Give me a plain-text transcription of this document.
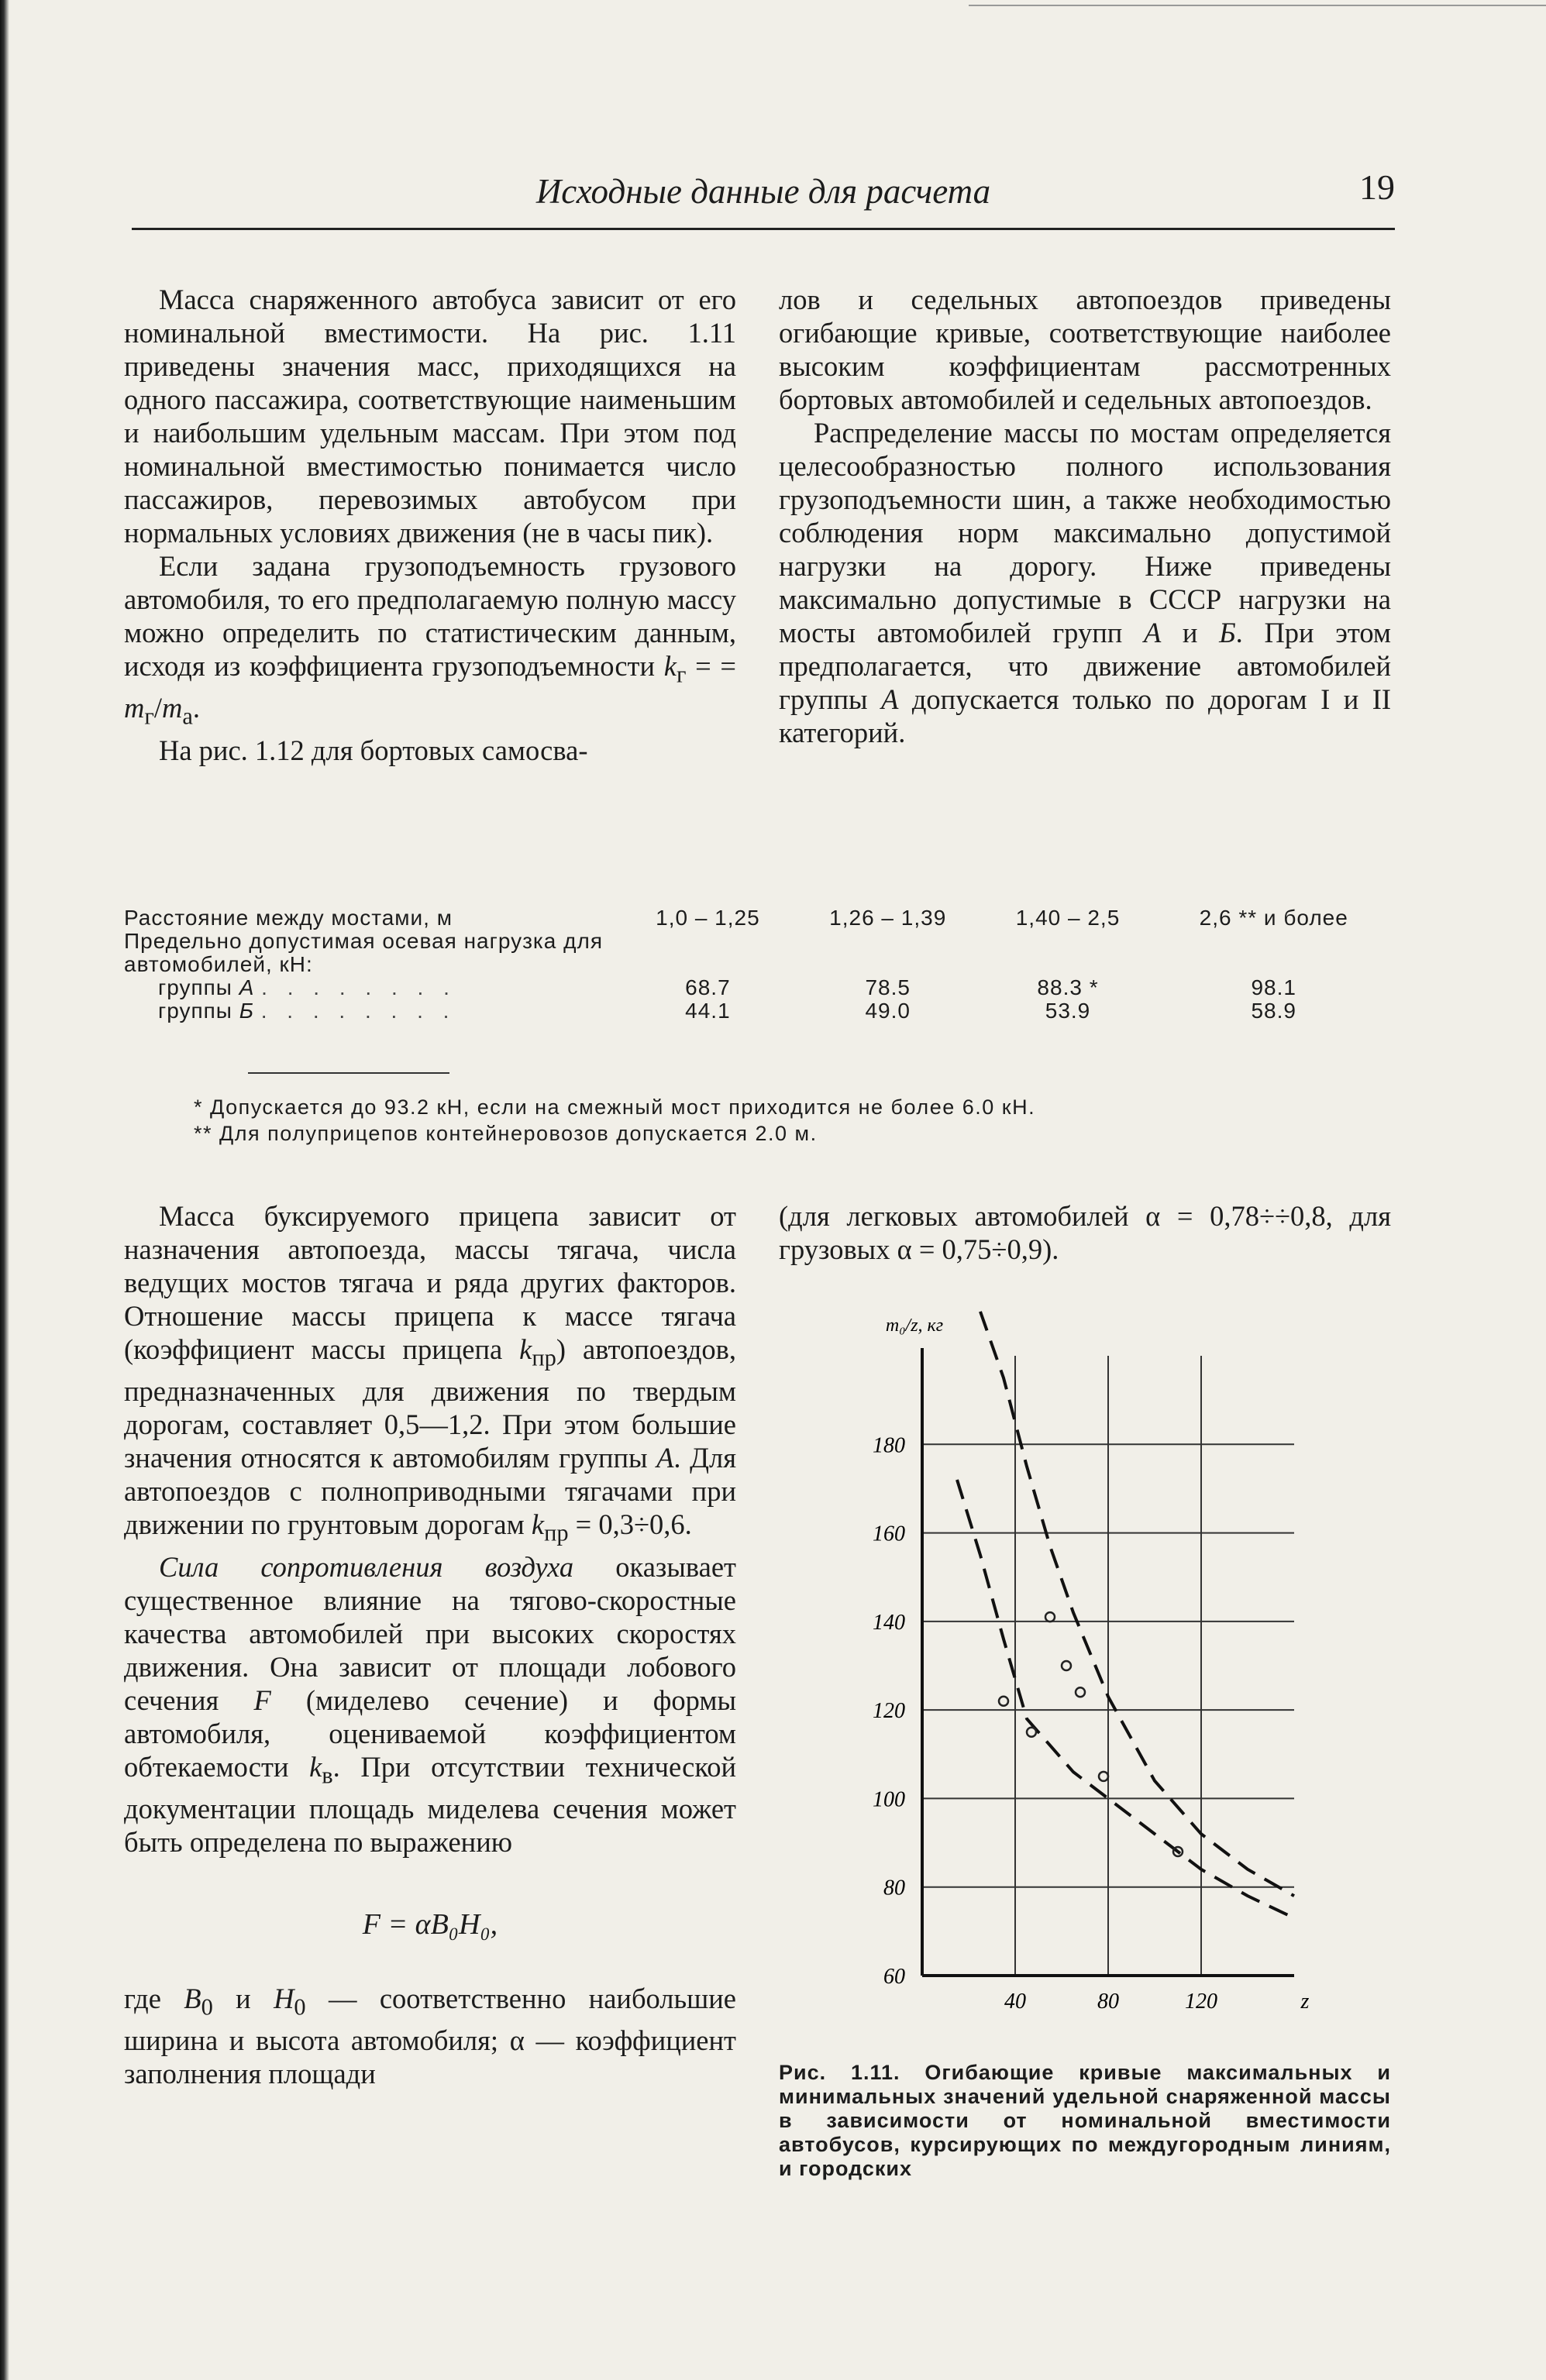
Исходные данные для расчета	19

Масса снаряженного автобуса зависит от его номинальной вместимости. На рис. 1.11 приведены значения масс, приходящихся на одного пассажира, соответствующие наименьшим и наибольшим удельным массам. При этом под номинальной вместимостью понимается число пассажиров, перевозимых автобусом при нормальных условиях движения (не в часы пик).

Если задана грузоподъемность грузового автомобиля, то его предполагаемую полную массу можно определить по статистическим данным, исходя из коэффициента грузоподъемности $k_г$ = = $m_г/m_а$.

На рис. 1.12 для бортовых самосва-

лов и седельных автопоездов приведены огибающие кривые, соответствующие наиболее высоким коэффициентам рассмотренных бортовых автомобилей и седельных автопоездов.

Распределение массы по мостам определяется целесообразностью полного использования грузоподъемности шин, а также необходимостью соблюдения норм максимально допустимой нагрузки на дорогу. Ниже приведены максимально допустимые в СССР нагрузки на мосты автомобилей групп А и Б. При этом предполагается, что движение автомобилей группы А допускается только по дорогам I и II категорий.

Расстояние между мостами, м	1,0 – 1,25	1,26 – 1,39	1,40 – 2,5	2,6 ** и более
Предельно допустимая осевая нагрузка для автомобилей, кН:				
группы А . . . . . . . .	68.7	78.5	88.3 *	98.1
группы Б . . . . . . . .	44.1	49.0	53.9	58.9
* Допускается до 93.2 кН, если на смежный мост приходится не более 6.0 кН.
** Для полуприцепов контейнеровозов допускается 2.0 м.

Масса буксируемого прицепа зависит от назначения автопоезда, массы тягача, числа ведущих мостов тягача и ряда других факторов. Отношение массы прицепа к массе тягача (коэффициент массы прицепа $k_{пр}$) автопоездов, предназначенных для движения по твердым дорогам, составляет 0,5—1,2. При этом большие значения относятся к автомобилям группы А. Для автопоездов с полноприводными тягачами при движении по грунтовым дорогам $k_{пр} = 0,3\div 0,6$.

Сила сопротивления воздуха оказывает существенное влияние на тягово-скоростные качества автомобилей при высоких скоростях движения. Она зависит от площади лобового сечения F (миделево сечение) и формы автомобиля, оцениваемой коэффициентом обтекаемости $k_в$. При отсутствии технической документации площадь миделева сечения может быть определена по выражению

F = αB₀H₀,

где $B_0$ и $H_0$ — соответственно наибольшие ширина и высота автомобиля; α — коэффициент заполнения площади

(для легковых автомобилей α = 0,78÷÷0,8, для грузовых α = 0,75÷0,9).

60
80
100
120
140
160
180
40	80	120	z
m₀/z, кг
Рис. 1.11. Огибающие кривые максимальных и минимальных значений удельной снаряженной массы в зависимости от номинальной вместимости автобусов, курсирующих по междугородным линиям, и городских
